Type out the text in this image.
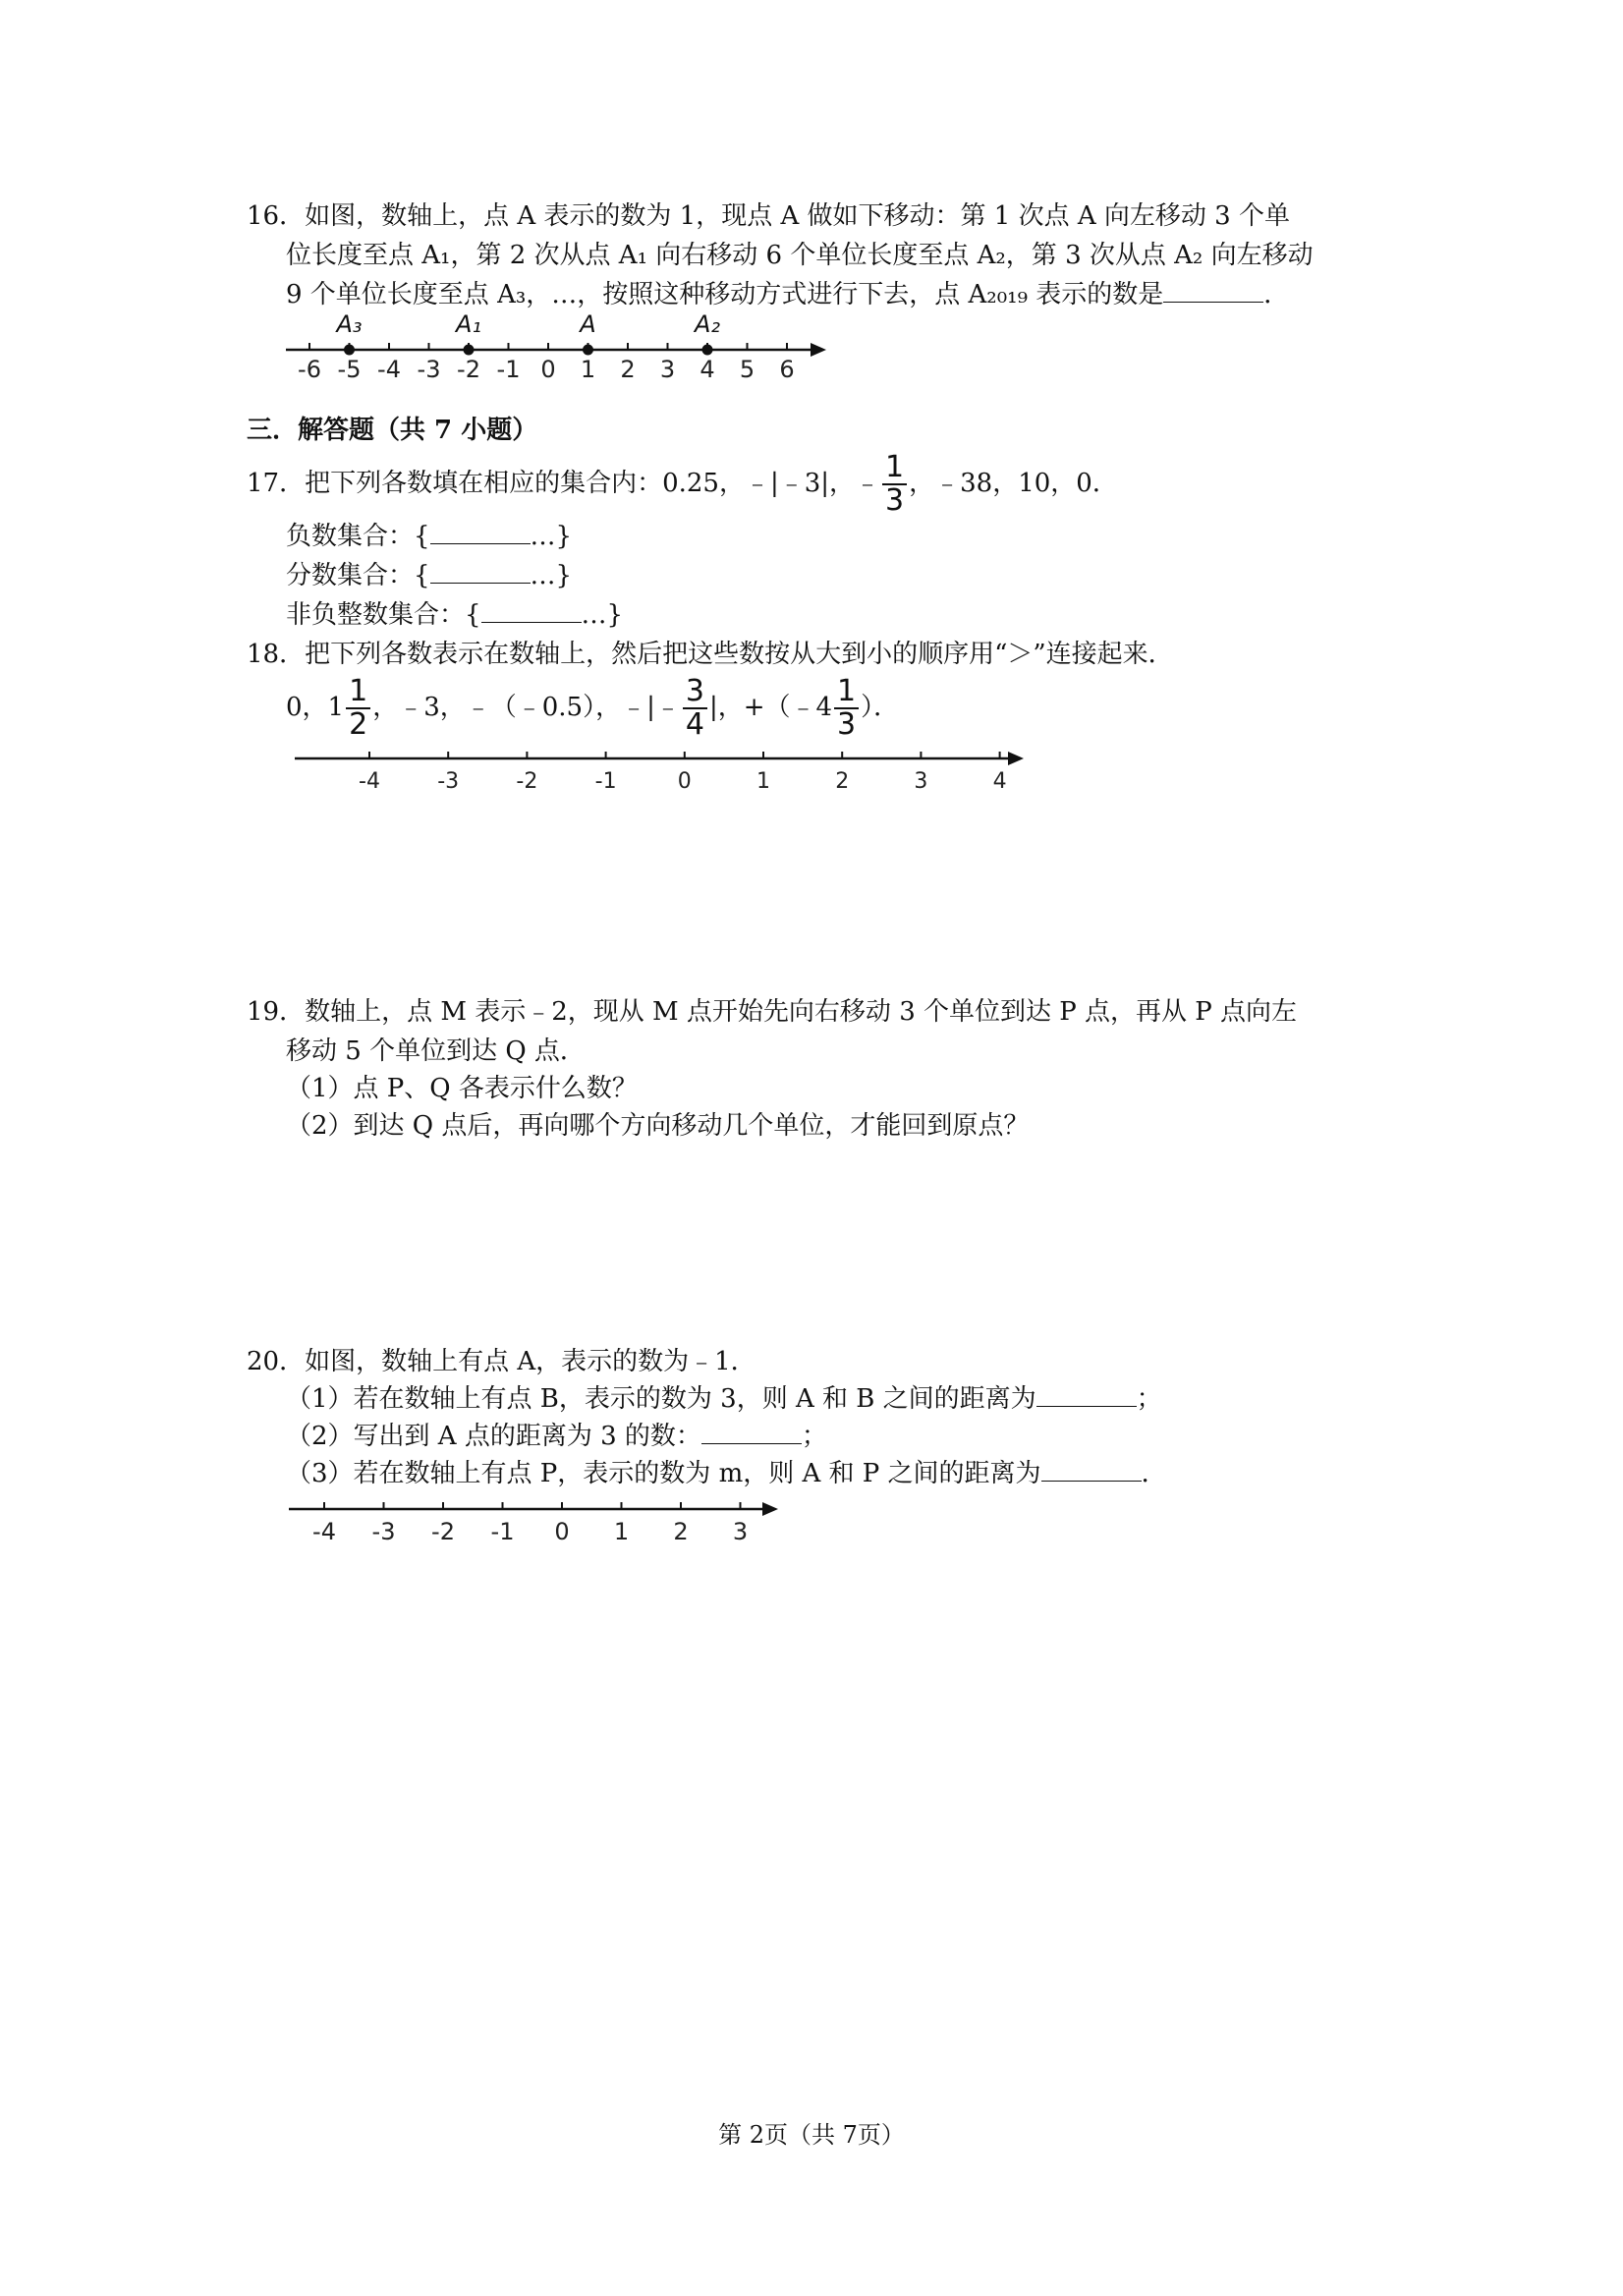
16．如图，数轴上，点 A 表示的数为 1，现点 A 做如下移动：第 1 次点 A 向左移动 3 个单
位长度至点 A₁，第 2 次从点 A₁ 向右移动 6 个单位长度至点 A₂，第 3 次从点 A₂ 向左移动
9 个单位长度至点 A₃，…，按照这种移动方式进行下去，点 A₂₀₁₉ 表示的数是	．
-6 -5 -4 -3 -2 -1 0 1 2 3 4 5 6
A₃	A₁	A	A₂
三．解答题（共 7 小题）
17．把下列各数填在相应的集合内：0.25，﹣|﹣3|，﹣ $\frac{1}{3}$ ，﹣38，10，0．
负数集合：{	…}
分数集合：{	…}
非负整数集合：{	…}
18．把下列各数表示在数轴上，然后把这些数按从大到小的顺序用“＞”连接起来．
0，$1 \frac{1}{2}$ ，﹣3，﹣（﹣0.5），﹣|﹣ $\frac{3}{4}$ |，+（﹣4 $\frac{1}{3}$ ）．
-4	-3	-2	-1	0	1	2	3	4
19．数轴上，点 M 表示﹣2，现从 M 点开始先向右移动 3 个单位到达 P 点，再从 P 点向左
移动 5 个单位到达 Q 点．
（1）点 P、Q 各表示什么数？
（2）到达 Q 点后，再向哪个方向移动几个单位，才能回到原点？
20．如图，数轴上有点 A，表示的数为﹣1．
（1）若在数轴上有点 B，表示的数为 3，则 A 和 B 之间的距离为	；
（2）写出到 A 点的距离为 3 的数：	；
（3）若在数轴上有点 P，表示的数为 m，则 A 和 P 之间的距离为	．
-4 -3 -2 -1 0 1 2 3
第 2页（共 7页）
